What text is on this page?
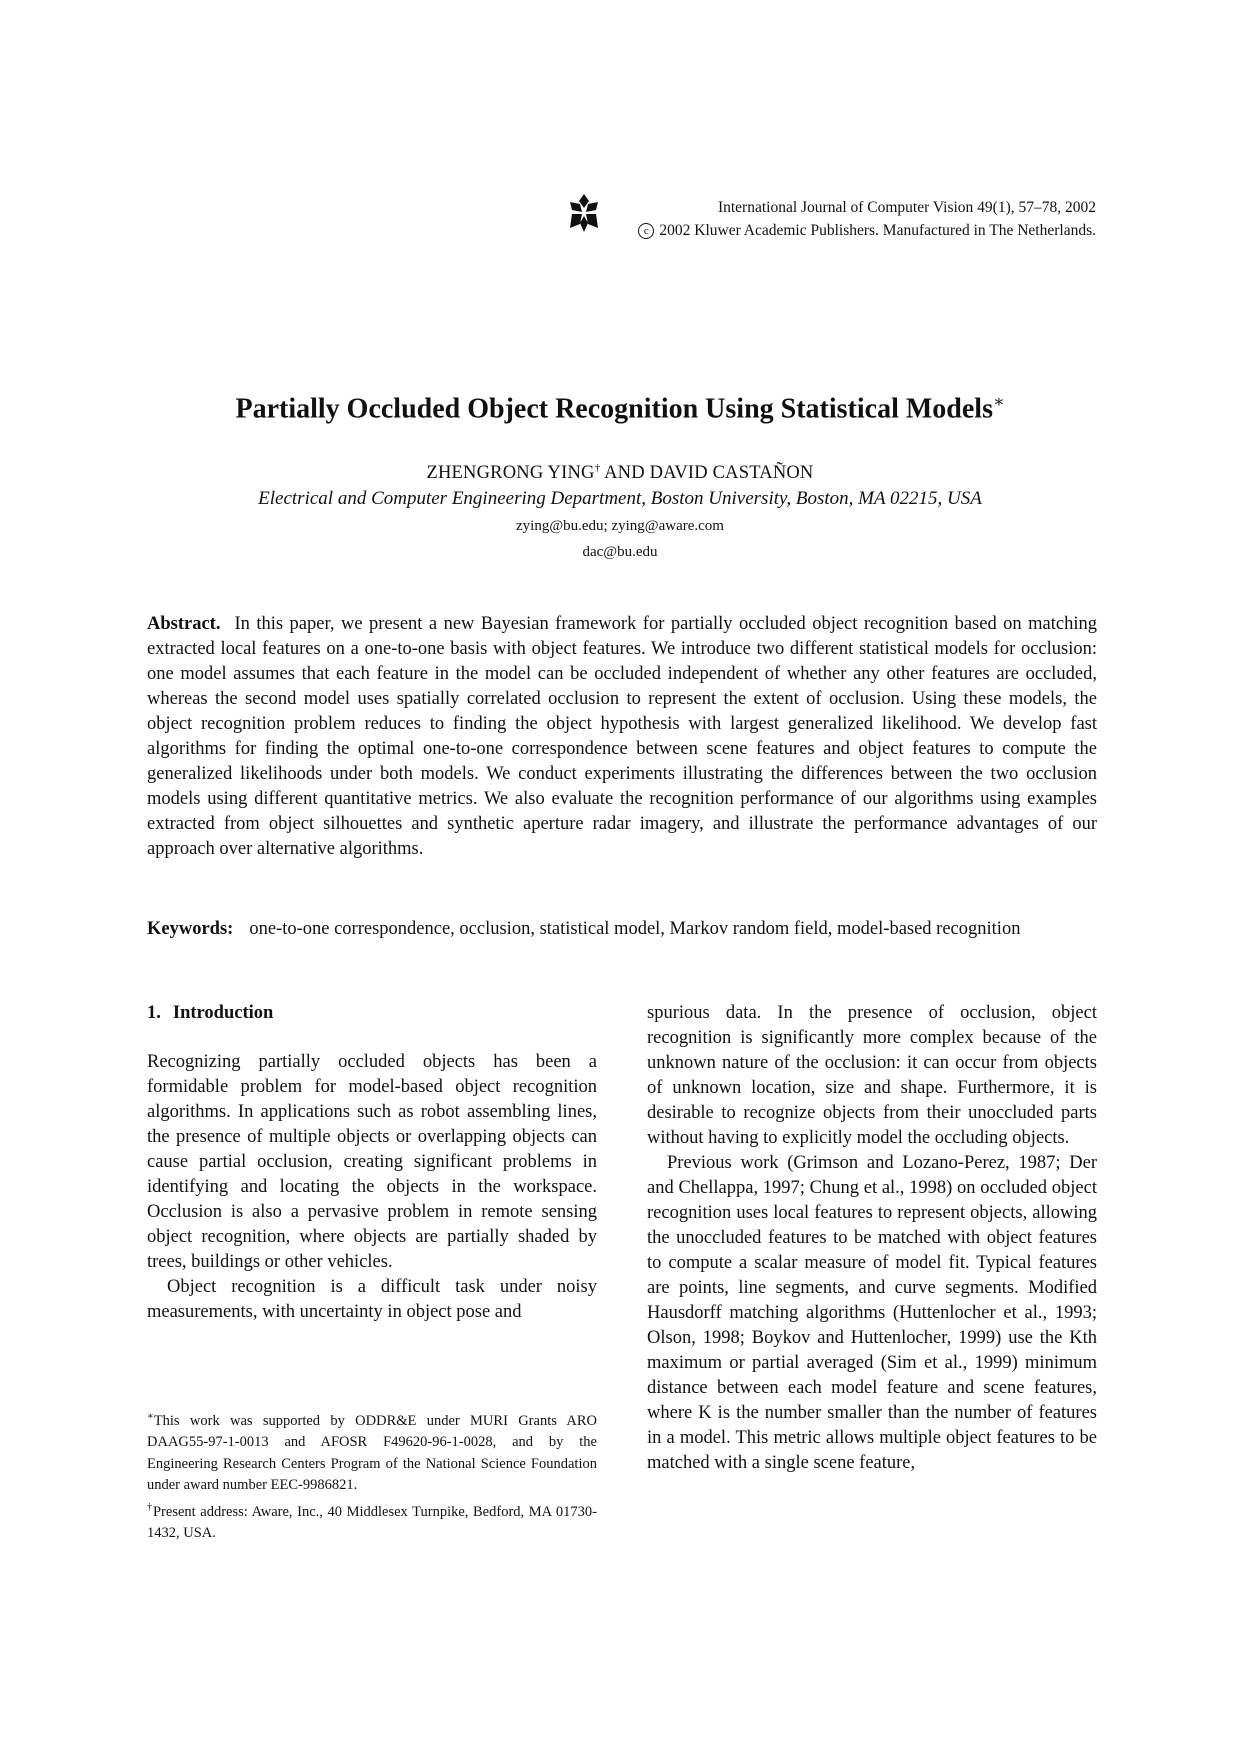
International Journal of Computer Vision 49(1), 57–78, 2002
c 2002 Kluwer Academic Publishers. Manufactured in The Netherlands.
Partially Occluded Object Recognition Using Statistical Models∗
ZHENGRONG YING† AND DAVID CASTAÑON
Electrical and Computer Engineering Department, Boston University, Boston, MA 02215, USA
zying@bu.edu; zying@aware.com
dac@bu.edu
Abstract. In this paper, we present a new Bayesian framework for partially occluded object recognition based on matching extracted local features on a one-to-one basis with object features. We introduce two different statistical models for occlusion: one model assumes that each feature in the model can be occluded independent of whether any other features are occluded, whereas the second model uses spatially correlated occlusion to represent the extent of occlusion. Using these models, the object recognition problem reduces to finding the object hypothesis with largest generalized likelihood. We develop fast algorithms for finding the optimal one-to-one correspondence between scene features and object features to compute the generalized likelihoods under both models. We conduct experiments illustrating the differences between the two occlusion models using different quantitative metrics. We also evaluate the recognition performance of our algorithms using examples extracted from object silhouettes and synthetic aperture radar imagery, and illustrate the performance advantages of our approach over alternative algorithms.
Keywords: one-to-one correspondence, occlusion, statistical model, Markov random field, model-based recognition
1. Introduction

Recognizing partially occluded objects has been a formidable problem for model-based object recognition algorithms. In applications such as robot assembling lines, the presence of multiple objects or overlapping objects can cause partial occlusion, creating significant problems in identifying and locating the objects in the workspace. Occlusion is also a pervasive problem in remote sensing object recognition, where objects are partially shaded by trees, buildings or other vehicles.

Object recognition is a difficult task under noisy measurements, with uncertainty in object pose and

∗This work was supported by ODDR&E under MURI Grants ARO DAAG55-97-1-0013 and AFOSR F49620-96-1-0028, and by the Engineering Research Centers Program of the National Science Foundation under award number EEC-9986821.

†Present address: Aware, Inc., 40 Middlesex Turnpike, Bedford, MA 01730-1432, USA.

spurious data. In the presence of occlusion, object recognition is significantly more complex because of the unknown nature of the occlusion: it can occur from objects of unknown location, size and shape. Furthermore, it is desirable to recognize objects from their unoccluded parts without having to explicitly model the occluding objects.

Previous work (Grimson and Lozano-Perez, 1987; Der and Chellappa, 1997; Chung et al., 1998) on occluded object recognition uses local features to represent objects, allowing the unoccluded features to be matched with object features to compute a scalar measure of model fit. Typical features are points, line segments, and curve segments. Modified Hausdorff matching algorithms (Huttenlocher et al., 1993; Olson, 1998; Boykov and Huttenlocher, 1999) use the Kth maximum or partial averaged (Sim et al., 1999) minimum distance between each model feature and scene features, where K is the number smaller than the number of features in a model. This metric allows multiple object features to be matched with a single scene feature,
